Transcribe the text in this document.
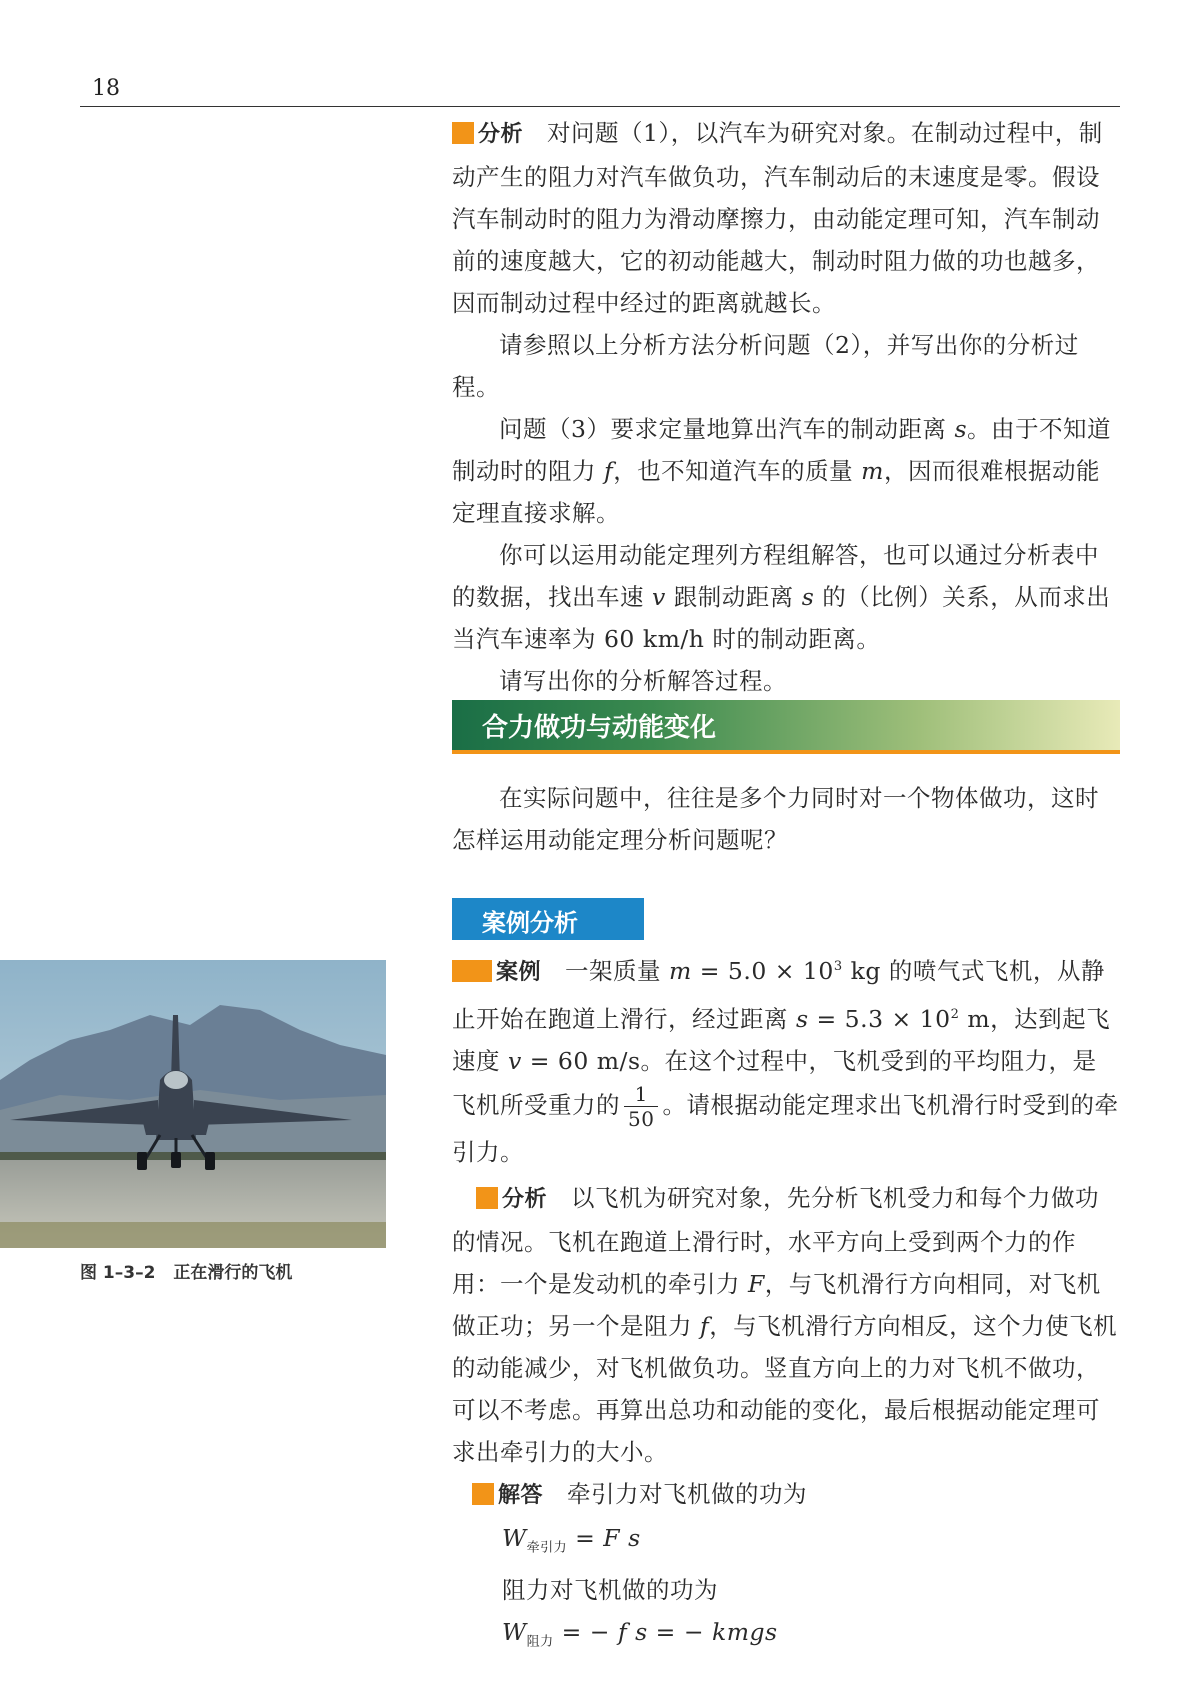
18

分析 对问题（1），以汽车为研究对象。在制动过程中，制动产生的阻力对汽车做负功，汽车制动后的末速度是零。假设汽车制动时的阻力为滑动摩擦力，由动能定理可知，汽车制动前的速度越大，它的初动能越大，制动时阻力做的功也越多，因而制动过程中经过的距离就越长。

请参照以上分析方法分析问题（2），并写出你的分析过程。

问题（3）要求定量地算出汽车的制动距离 s。由于不知道制动时的阻力 f，也不知道汽车的质量 m，因而很难根据动能定理直接求解。

你可以运用动能定理列方程组解答，也可以通过分析表中的数据，找出车速 v 跟制动距离 s 的（比例）关系，从而求出当汽车速率为 60 km/h 时的制动距离。

请写出你的分析解答过程。

合力做功与动能变化

在实际问题中，往往是多个力同时对一个物体做功，这时怎样运用动能定理分析问题呢？

案例分析

案例 一架质量 $m = 5.0 \times 10^3$ kg 的喷气式飞机，从静止开始在跑道上滑行，经过距离 $s = 5.3 \times 10^2$ m，达到起飞速度 v = 60 m/s。在这个过程中，飞机受到的平均阻力，是飞机所受重力的 $\frac{1}{50}$ 。请根据动能定理求出飞机滑行时受到的牵引力。

分析 以飞机为研究对象，先分析飞机受力和每个力做功的情况。飞机在跑道上滑行时，水平方向上受到两个力的作用：一个是发动机的牵引力 F，与飞机滑行方向相同，对飞机做正功；另一个是阻力 f，与飞机滑行方向相反，这个力使飞机的动能减少，对飞机做负功。竖直方向上的力对飞机不做功，可以不考虑。再算出总功和动能的变化，最后根据动能定理可求出牵引力的大小。

解答 牵引力对飞机做的功为

$W_{牵引力} = F$ s

阻力对飞机做的功为

$W_{阻力}$ = − f s = − kmgs

图 1–3–2 正在滑行的飞机
